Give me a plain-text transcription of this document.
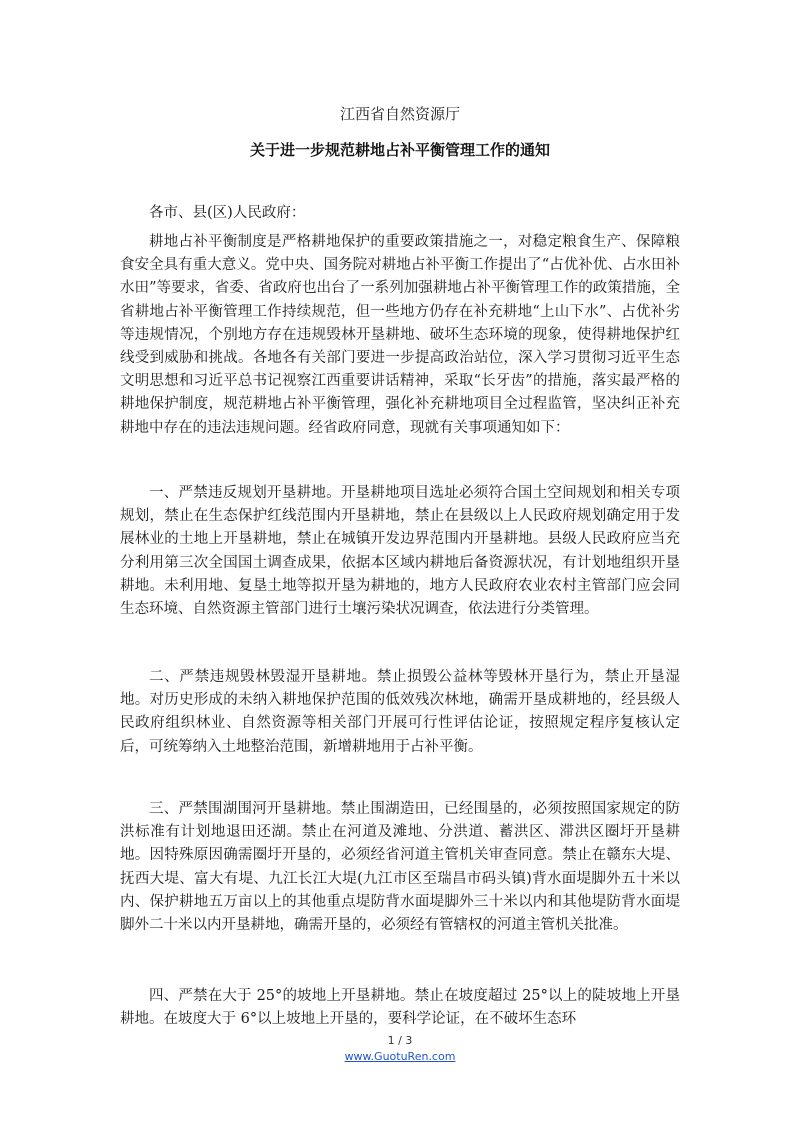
江西省自然资源厅
关于进一步规范耕地占补平衡管理工作的通知

各市、县(区)人民政府：

耕地占补平衡制度是严格耕地保护的重要政策措施之一，对稳定粮食生产、保障粮食安全具有重大意义。党中央、国务院对耕地占补平衡工作提出了“占优补优、占水田补水田”等要求，省委、省政府也出台了一系列加强耕地占补平衡管理工作的政策措施，全省耕地占补平衡管理工作持续规范，但一些地方仍存在补充耕地“上山下水”、占优补劣等违规情况，个别地方存在违规毁林开垦耕地、破坏生态环境的现象，使得耕地保护红线受到威胁和挑战。各地各有关部门要进一步提高政治站位，深入学习贯彻习近平生态文明思想和习近平总书记视察江西重要讲话精神，采取“长牙齿”的措施，落实最严格的耕地保护制度，规范耕地占补平衡管理，强化补充耕地项目全过程监管，坚决纠正补充耕地中存在的违法违规问题。经省政府同意，现就有关事项通知如下：

一、严禁违反规划开垦耕地。开垦耕地项目选址必须符合国土空间规划和相关专项规划，禁止在生态保护红线范围内开垦耕地，禁止在县级以上人民政府规划确定用于发展林业的土地上开垦耕地，禁止在城镇开发边界范围内开垦耕地。县级人民政府应当充分利用第三次全国国土调查成果，依据本区域内耕地后备资源状况，有计划地组织开垦耕地。未利用地、复垦土地等拟开垦为耕地的，地方人民政府农业农村主管部门应会同生态环境、自然资源主管部门进行土壤污染状况调查，依法进行分类管理。

二、严禁违规毁林毁湿开垦耕地。禁止损毁公益林等毁林开垦行为，禁止开垦湿地。对历史形成的未纳入耕地保护范围的低效残次林地，确需开垦成耕地的，经县级人民政府组织林业、自然资源等相关部门开展可行性评估论证，按照规定程序复核认定后，可统筹纳入土地整治范围，新增耕地用于占补平衡。

三、严禁围湖围河开垦耕地。禁止围湖造田，已经围垦的，必须按照国家规定的防洪标准有计划地退田还湖。禁止在河道及滩地、分洪道、蓄洪区、滞洪区圈圩开垦耕地。因特殊原因确需圈圩开垦的，必须经省河道主管机关审查同意。禁止在赣东大堤、抚西大堤、富大有堤、九江长江大堤(九江市区至瑞昌市码头镇)背水面堤脚外五十米以内、保护耕地五万亩以上的其他重点堤防背水面堤脚外三十米以内和其他堤防背水面堤脚外二十米以内开垦耕地，确需开垦的，必须经有管辖权的河道主管机关批准。

四、严禁在大于 25°的坡地上开垦耕地。禁止在坡度超过 25°以上的陡坡地上开垦耕地。在坡度大于 6°以上坡地上开垦的，要科学论证，在不破坏生态环

1 / 3
www.GuotuRen.com
